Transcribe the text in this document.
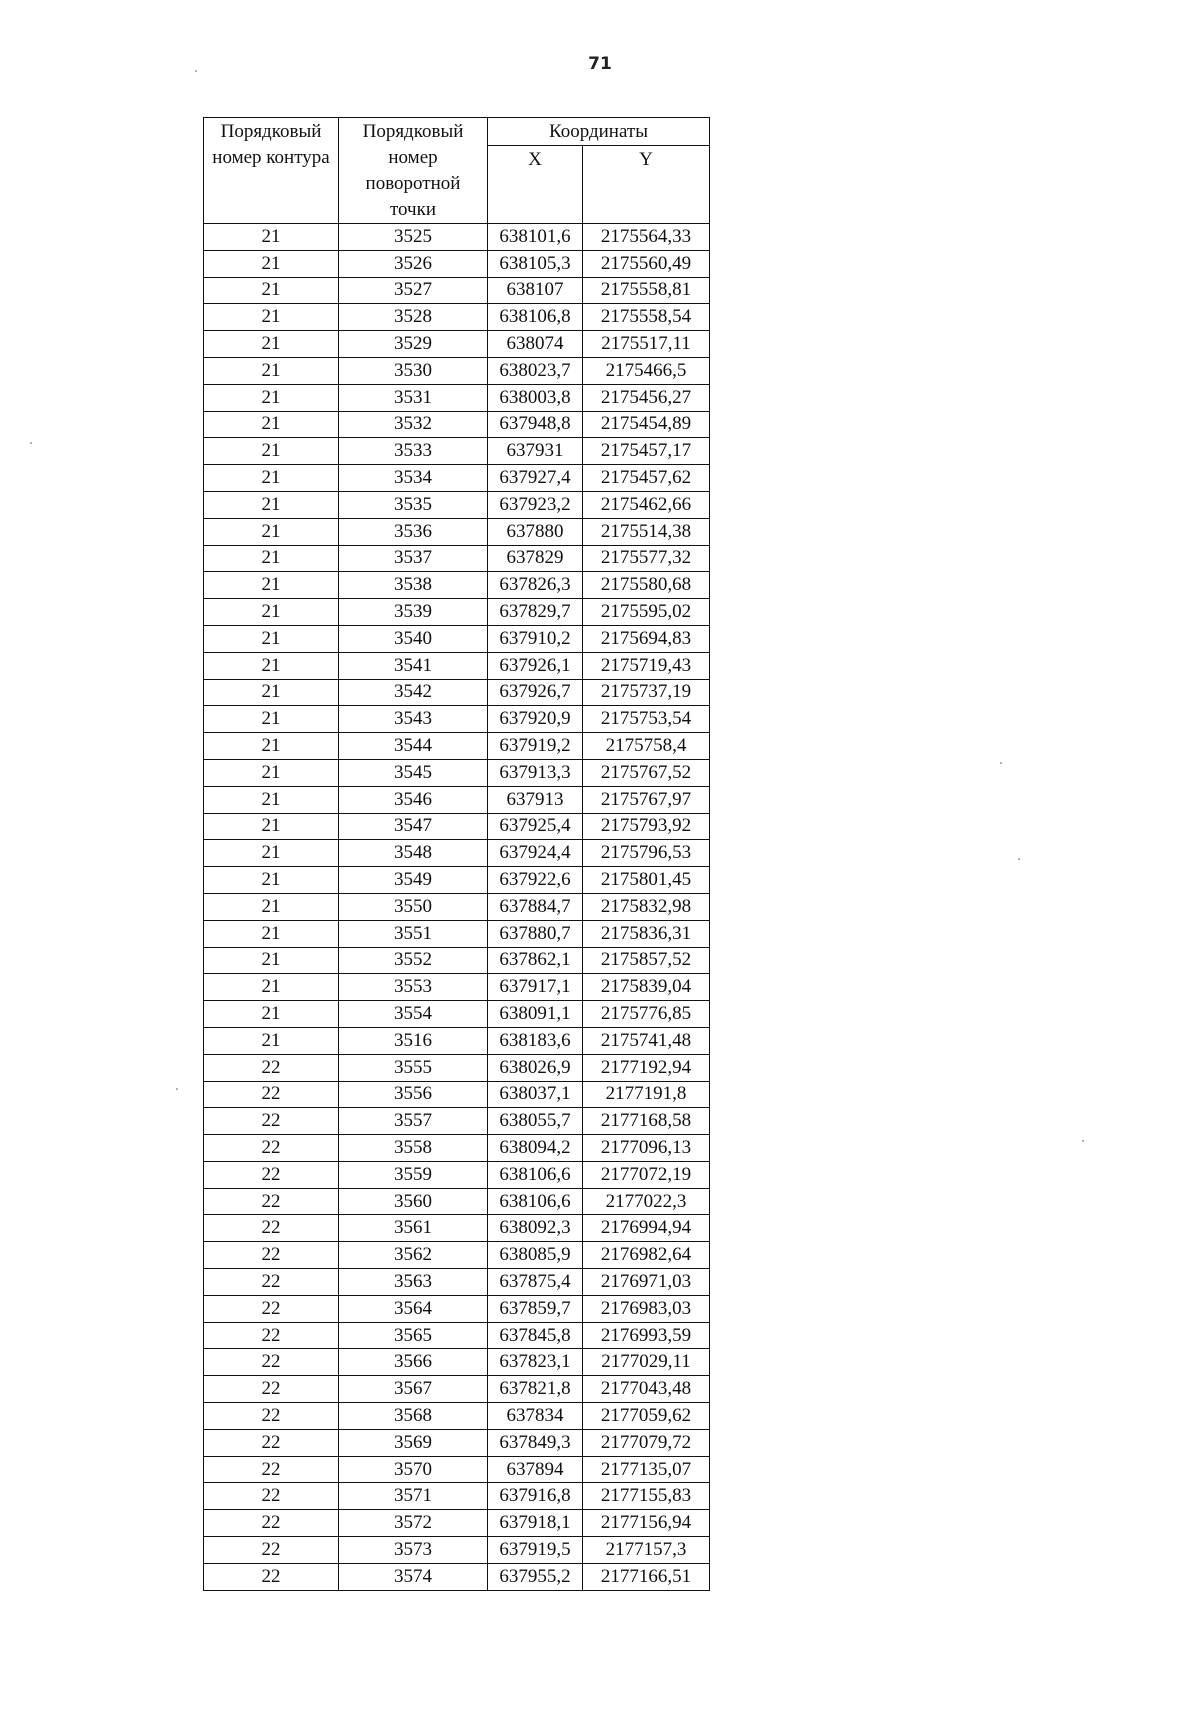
71
Порядковый номер контура	Порядковый номер поворотной точки	Координаты	
		X	Y
21	3525	638101,6	2175564,33
21	3526	638105,3	2175560,49
21	3527	638107	2175558,81
21	3528	638106,8	2175558,54
21	3529	638074	2175517,11
21	3530	638023,7	2175466,5
21	3531	638003,8	2175456,27
21	3532	637948,8	2175454,89
21	3533	637931	2175457,17
21	3534	637927,4	2175457,62
21	3535	637923,2	2175462,66
21	3536	637880	2175514,38
21	3537	637829	2175577,32
21	3538	637826,3	2175580,68
21	3539	637829,7	2175595,02
21	3540	637910,2	2175694,83
21	3541	637926,1	2175719,43
21	3542	637926,7	2175737,19
21	3543	637920,9	2175753,54
21	3544	637919,2	2175758,4
21	3545	637913,3	2175767,52
21	3546	637913	2175767,97
21	3547	637925,4	2175793,92
21	3548	637924,4	2175796,53
21	3549	637922,6	2175801,45
21	3550	637884,7	2175832,98
21	3551	637880,7	2175836,31
21	3552	637862,1	2175857,52
21	3553	637917,1	2175839,04
21	3554	638091,1	2175776,85
21	3516	638183,6	2175741,48
22	3555	638026,9	2177192,94
22	3556	638037,1	2177191,8
22	3557	638055,7	2177168,58
22	3558	638094,2	2177096,13
22	3559	638106,6	2177072,19
22	3560	638106,6	2177022,3
22	3561	638092,3	2176994,94
22	3562	638085,9	2176982,64
22	3563	637875,4	2176971,03
22	3564	637859,7	2176983,03
22	3565	637845,8	2176993,59
22	3566	637823,1	2177029,11
22	3567	637821,8	2177043,48
22	3568	637834	2177059,62
22	3569	637849,3	2177079,72
22	3570	637894	2177135,07
22	3571	637916,8	2177155,83
22	3572	637918,1	2177156,94
22	3573	637919,5	2177157,3
22	3574	637955,2	2177166,51
